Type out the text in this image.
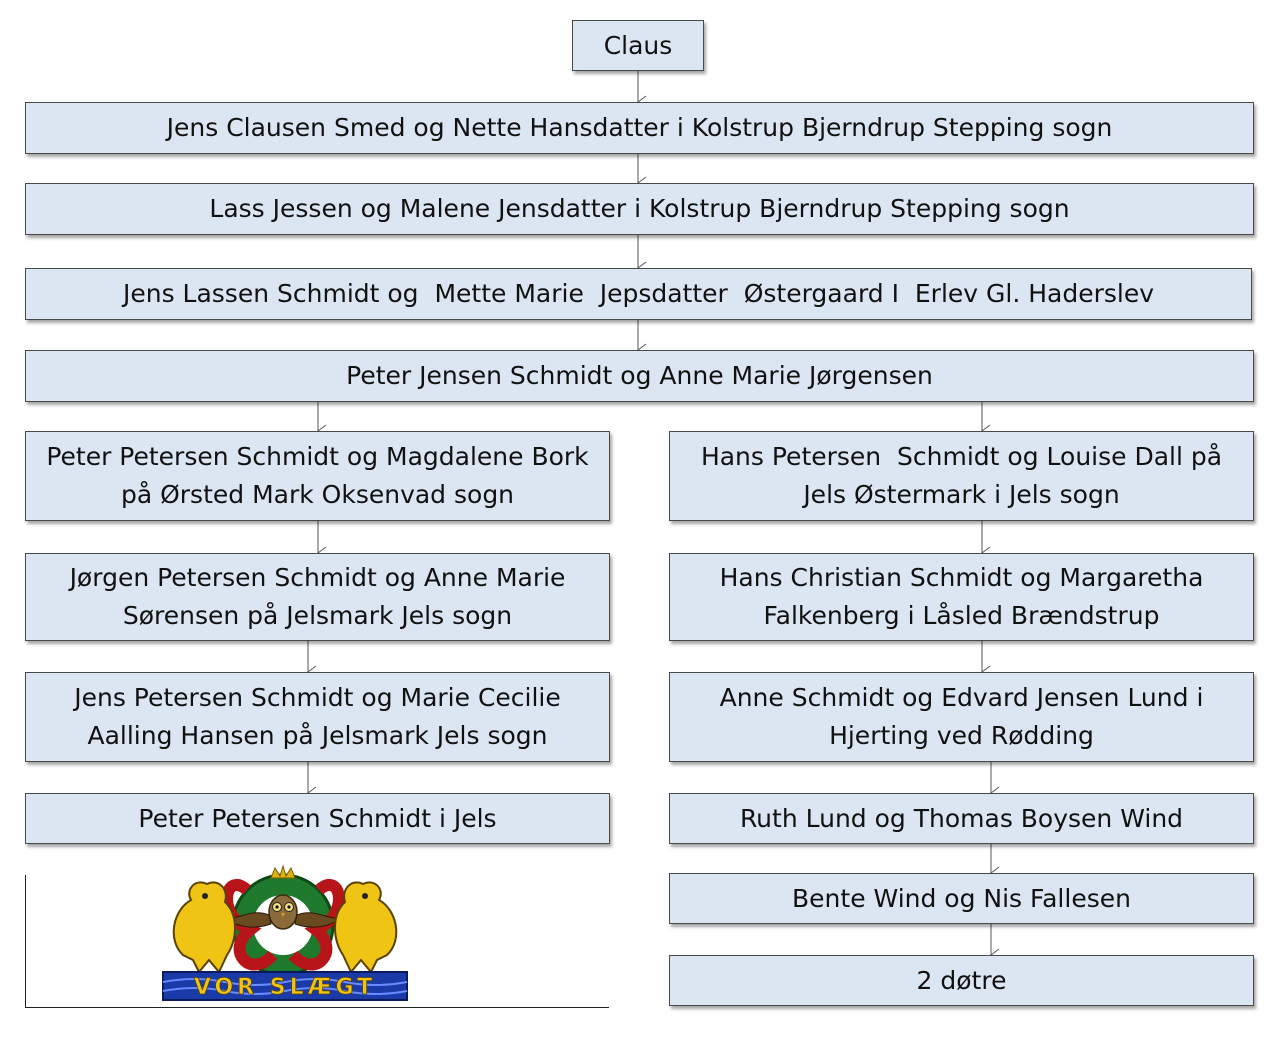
Claus
Jens Clausen Smed og Nette Hansdatter i Kolstrup Bjerndrup Stepping sogn
Lass Jessen og Malene Jensdatter i Kolstrup Bjerndrup Stepping sogn
Jens Lassen Schmidt og  Mette Marie  Jepsdatter  Østergaard I  Erlev Gl. Haderslev
Peter Jensen Schmidt og Anne Marie Jørgensen
Peter Petersen Schmidt og Magdalene Bork på Ørsted Mark Oksenvad sogn
Jørgen Petersen Schmidt og Anne Marie Sørensen på Jelsmark Jels sogn
Jens Petersen Schmidt og Marie Cecilie Aalling Hansen på Jelsmark Jels sogn
Peter Petersen Schmidt i Jels
Hans Petersen  Schmidt og Louise Dall på Jels Østermark i Jels sogn
Hans Christian Schmidt og Margaretha Falkenberg i Låsled Brændstrup
Anne Schmidt og Edvard Jensen Lund i Hjerting ved Rødding
Ruth Lund og Thomas Boysen Wind
Bente Wind og Nis Fallesen
2 døtre
VOR SLÆGT
